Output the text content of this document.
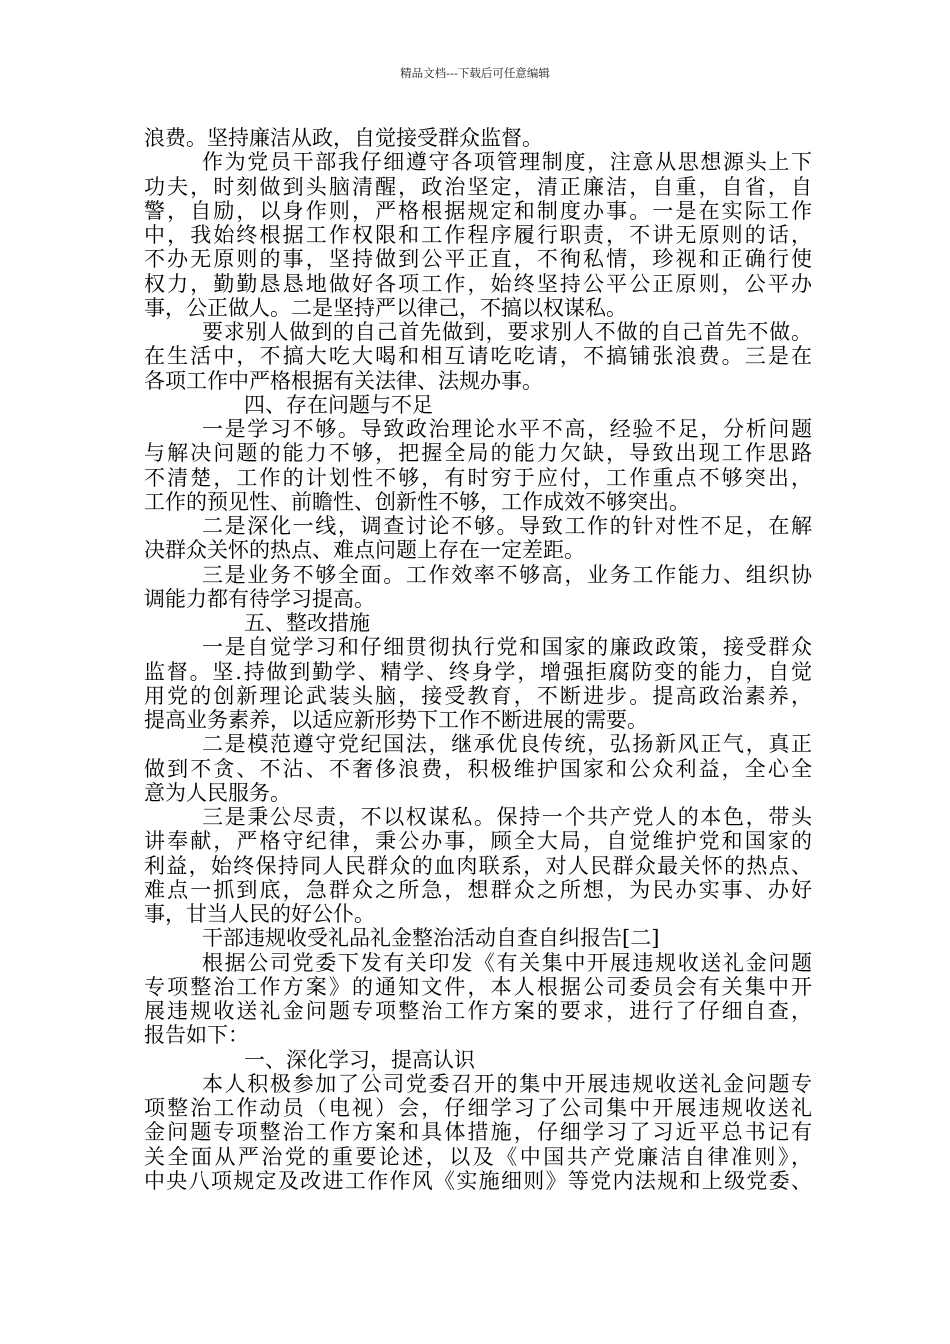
精品文档---下载后可任意编辑
浪费。坚持廉洁从政，自觉接受群众监督。
作为党员干部我仔细遵守各项管理制度，注意从思想源头上下
功夫，时刻做到头脑清醒，政治坚定，清正廉洁，自重，自省，自
警，自励，以身作则，严格根据规定和制度办事。一是在实际工作
中，我始终根据工作权限和工作程序履行职责，不讲无原则的话，
不办无原则的事，坚持做到公平正直，不徇私情，珍视和正确行使
权力，勤勤恳恳地做好各项工作，始终坚持公平公正原则，公平办
事，公正做人。二是坚持严以律己，不搞以权谋私。
要求别人做到的自己首先做到，要求别人不做的自己首先不做。
在生活中，不搞大吃大喝和相互请吃吃请，不搞铺张浪费。三是在
各项工作中严格根据有关法律、法规办事。
四、存在问题与不足
一是学习不够。导致政治理论水平不高，经验不足，分析问题
与解决问题的能力不够，把握全局的能力欠缺，导致出现工作思路
不清楚，工作的计划性不够，有时穷于应付，工作重点不够突出，
工作的预见性、前瞻性、创新性不够，工作成效不够突出。
二是深化一线，调查讨论不够。导致工作的针对性不足，在解
决群众关怀的热点、难点问题上存在一定差距。
三是业务不够全面。工作效率不够高，业务工作能力、组织协
调能力都有待学习提高。
五、整改措施
一是自觉学习和仔细贯彻执行党和国家的廉政政策，接受群众
监督。坚.持做到勤学、精学、终身学，增强拒腐防变的能力，自觉
用党的创新理论武装头脑，接受教育，不断进步。提高政治素养，
提高业务素养，以适应新形势下工作不断进展的需要。
二是模范遵守党纪国法，继承优良传统，弘扬新风正气，真正
做到不贪、不沾、不奢侈浪费，积极维护国家和公众利益，全心全
意为人民服务。
三是秉公尽责，不以权谋私。保持一个共产党人的本色，带头
讲奉献，严格守纪律，秉公办事，顾全大局，自觉维护党和国家的
利益，始终保持同人民群众的血肉联系，对人民群众最关怀的热点、
难点一抓到底，急群众之所急，想群众之所想，为民办实事、办好
事，甘当人民的好公仆。
干部违规收受礼品礼金整治活动自查自纠报告[二]
根据公司党委下发有关印发《有关集中开展违规收送礼金问题
专项整治工作方案》的通知文件，本人根据公司委员会有关集中开
展违规收送礼金问题专项整治工作方案的要求，进行了仔细自查，
报告如下：
一、深化学习，提高认识
本人积极参加了公司党委召开的集中开展违规收送礼金问题专
项整治工作动员（电视）会，仔细学习了公司集中开展违规收送礼
金问题专项整治工作方案和具体措施，仔细学习了习近平总书记有
关全面从严治党的重要论述，以及《中国共产党廉洁自律准则》，
中央八项规定及改进工作作风《实施细则》等党内法规和上级党委、
